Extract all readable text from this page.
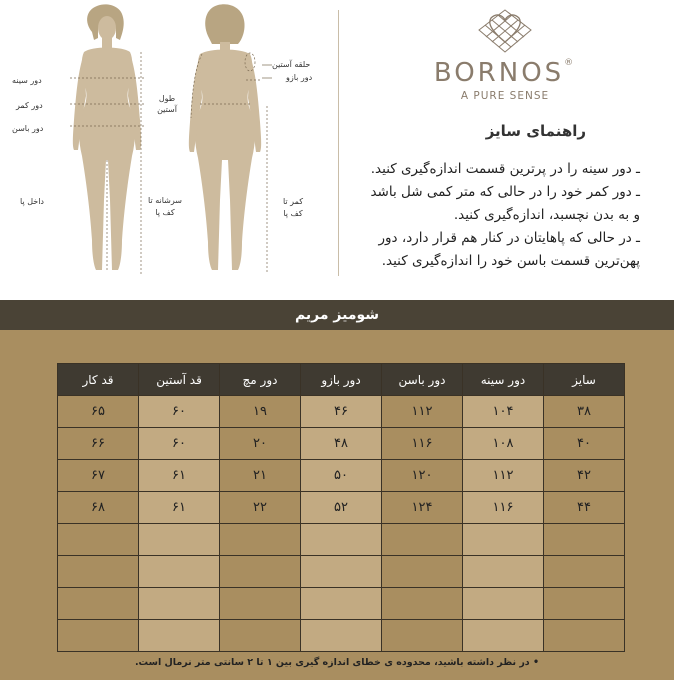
دور سینه
دور کمر
دور باسن
داخل پا	سرشانه تا کف پا
طول آستین
حلقه آستین
دور بازو
کمر تا کف پا
BORNOS®
A PURE SENSE
راهنمای سایز
ـ دور سینه را در پرترین قسمت اندازه‌گیری کنید.
ـ دور کمر خود را در حالی که متر کمی شل باشد
و به بدن نچسبد، اندازه‌گیری کنید.
ـ در حالی که پاهایتان در کنار هم قرار دارد، دور
پهن‌ترین قسمت باسن خود را اندازه‌گیری کنید.
شومیز مریم
سایز	دور سینه	دور باسن	دور بازو	دور مچ	قد آستین	قد کار
۳۸	۱۰۴	۱۱۲	۴۶	۱۹	۶۰	۶۵
۴۰	۱۰۸	۱۱۶	۴۸	۲۰	۶۰	۶۶
۴۲	۱۱۲	۱۲۰	۵۰	۲۱	۶۱	۶۷
۴۴	۱۱۶	۱۲۴	۵۲	۲۲	۶۱	۶۸

• در نظر داشته باشید، محدوده ی خطای اندازه گیری بین ۱ تا ۲ سانتی متر نرمال است.
